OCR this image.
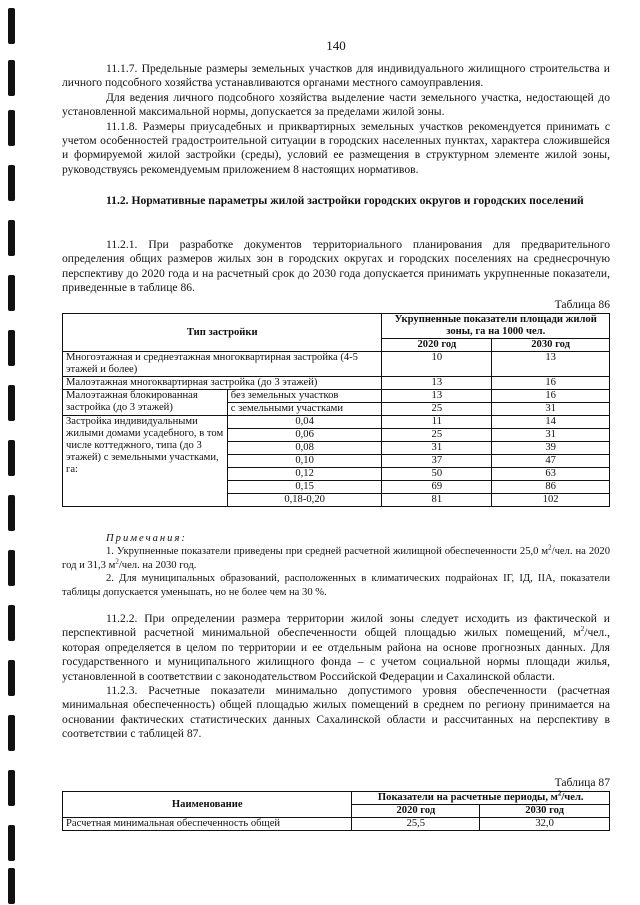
140

11.1.7. Предельные размеры земельных участков для индивидуального жилищного строительства и личного подсобного хозяйства устанавливаются органами местного самоуправления.

Для ведения личного подсобного хозяйства выделение части земельного участка, недостающей до установленной максимальной нормы, допускается за пределами жилой зоны.

11.1.8. Размеры приусадебных и приквартирных земельных участков рекомендуется принимать с учетом особенностей градостроительной ситуации в городских населенных пунктах, характера сложившейся и формируемой жилой застройки (среды), условий ее размещения в структурном элементе жилой зоны, руководствуясь рекомендуемым приложением 8 настоящих нормативов.

11.2. Нормативные параметры жилой застройки городских округов и городских поселений

11.2.1. При разработке документов территориального планирования для предварительного определения общих размеров жилых зон в городских округах и городских поселениях на среднесрочную перспективу до 2020 года и на расчетный срок до 2030 года допускается принимать укрупненные показатели, приведенные в таблице 86.

Таблица 86
Тип застройки		Укрупненные показатели площади жилой зоны, га на 1000 чел.	
		2020 год	2030 год
Многоэтажная и среднеэтажная многоквартирная застройка (4-5 этажей и более)		10	13
Малоэтажная многоквартирная застройка (до 3 этажей)		13	16
Малоэтажная блокированная застройка (до 3 этажей)	без земельных участков	13	16
	с земельными участками	25	31
Застройка индивидуальными жилыми домами усадебного, в том числе коттеджного, типа (до 3 этажей) с земельными участками, га:	0,04	11	14
	0,06	25	31
	0,08	31	39
	0,10	37	47
	0,12	50	63
	0,15	69	86
	0,18-0,20	81	102

Примечания:

1. Укрупненные показатели приведены при средней расчетной жилищной обеспеченности 25,0 $м^2$/чел. на 2020 год и 31,3 $м^2$/чел. на 2030 год.

2. Для муниципальных образований, расположенных в климатических подрайонах IГ, IД, IIА, показатели таблицы допускается уменьшать, но не более чем на 30 %.

11.2.2. При определении размера территории жилой зоны следует исходить из фактической и перспективной расчетной минимальной обеспеченности общей площадью жилых помещений, $м^2$/чел., которая определяется в целом по территории и ее отдельным района на основе прогнозных данных. Для государственного и муниципального жилищного фонда – с учетом социальной нормы площади жилья, установленной в соответствии с законодательством Российской Федерации и Сахалинской области.

11.2.3. Расчетные показатели минимально допустимого уровня обеспеченности (расчетная минимальная обеспеченность) общей площадью жилых помещений в среднем по региону принимается на основании фактических статистических данных Сахалинской области и рассчитанных на перспективу в соответствии с таблицей 87.

Таблица 87
Наименование	Показатели на расчетные периоды, $м^2$/чел.	
	2020 год	2030 год
Расчетная минимальная обеспеченность общей	25,5	32,0
